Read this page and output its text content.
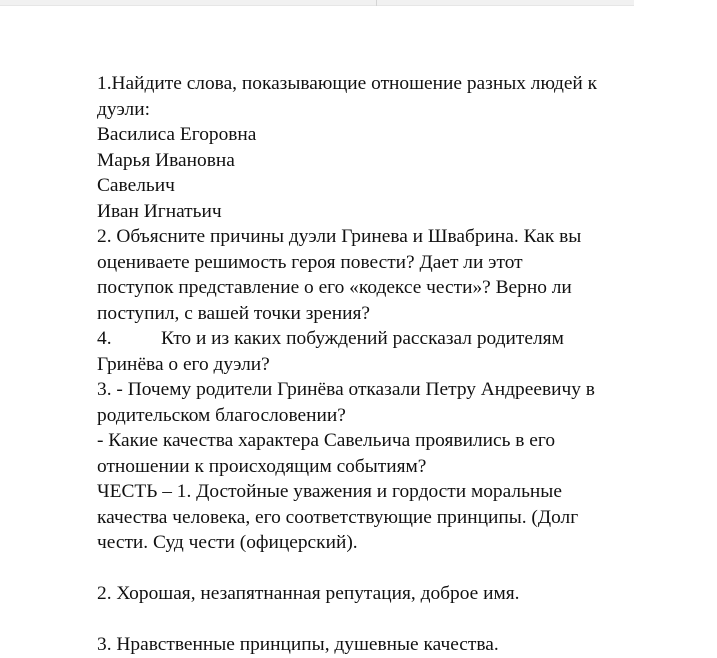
1.Найдите слова, показывающие отношение разных людей к
дуэли:
Василиса Егоровна
Марья Ивановна
Савельич
Иван Игнатьич
2. Объясните причины дуэли Гринева и Швабрина. Как вы
оцениваете решимость героя повести? Дает ли этот
поступок представление о его «кодексе чести»? Верно ли
поступил, с вашей точки зрения?
4.	Кто и из каких побуждений рассказал родителям
Гринёва о его дуэли?
3. - Почему родители Гринёва отказали Петру Андреевичу в
родительском благословении?
- Какие качества характера Савельича проявились в его
отношении к происходящим событиям?
ЧЕСТЬ – 1. Достойные уважения и гордости моральные
качества человека, его соответствующие принципы. (Долг
чести. Суд чести (офицерский).
2. Хорошая, незапятнанная репутация, доброе имя.
3. Нравственные принципы, душевные качества.
